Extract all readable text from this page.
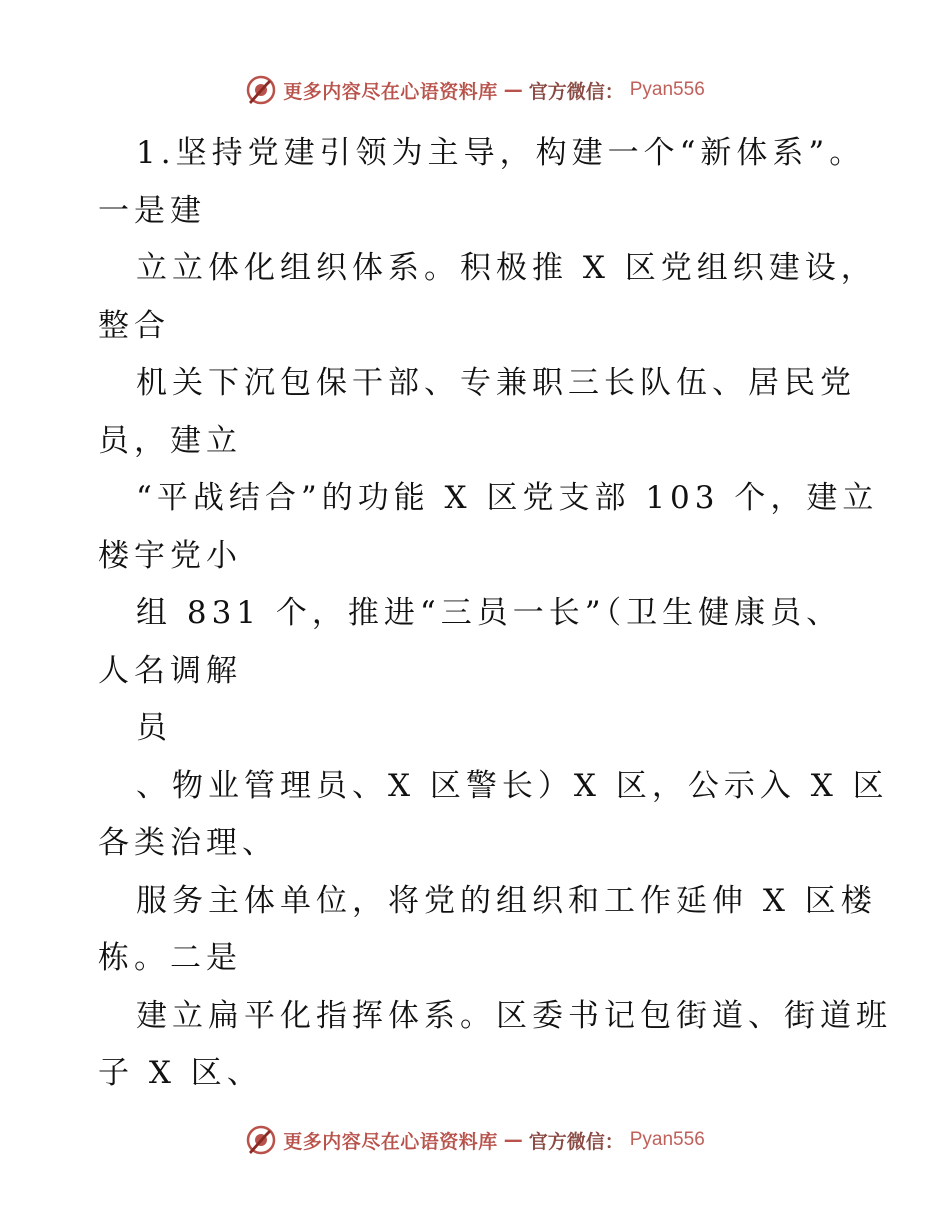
更多内容尽在心语资料库 — 官方微信： Pyan556
1.坚持党建引领为主导，构建一个“新体系”。
一是建
立立体化组织体系。积极推 X 区党组织建设，
整合
机关下沉包保干部、专兼职三长队伍、居民党
员，建立
“平战结合”的功能 X 区党支部 103 个，建立
楼宇党小
组 831 个，推进“三员一长”（卫生健康员、
人名调解
员
、物业管理员、X 区警长）X 区，公示入 X 区
各类治理、
服务主体单位，将党的组织和工作延伸 X 区楼
栋。二是
建立扁平化指挥体系。区委书记包街道、街道班
子 X 区、
更多内容尽在心语资料库 — 官方微信： Pyan556
